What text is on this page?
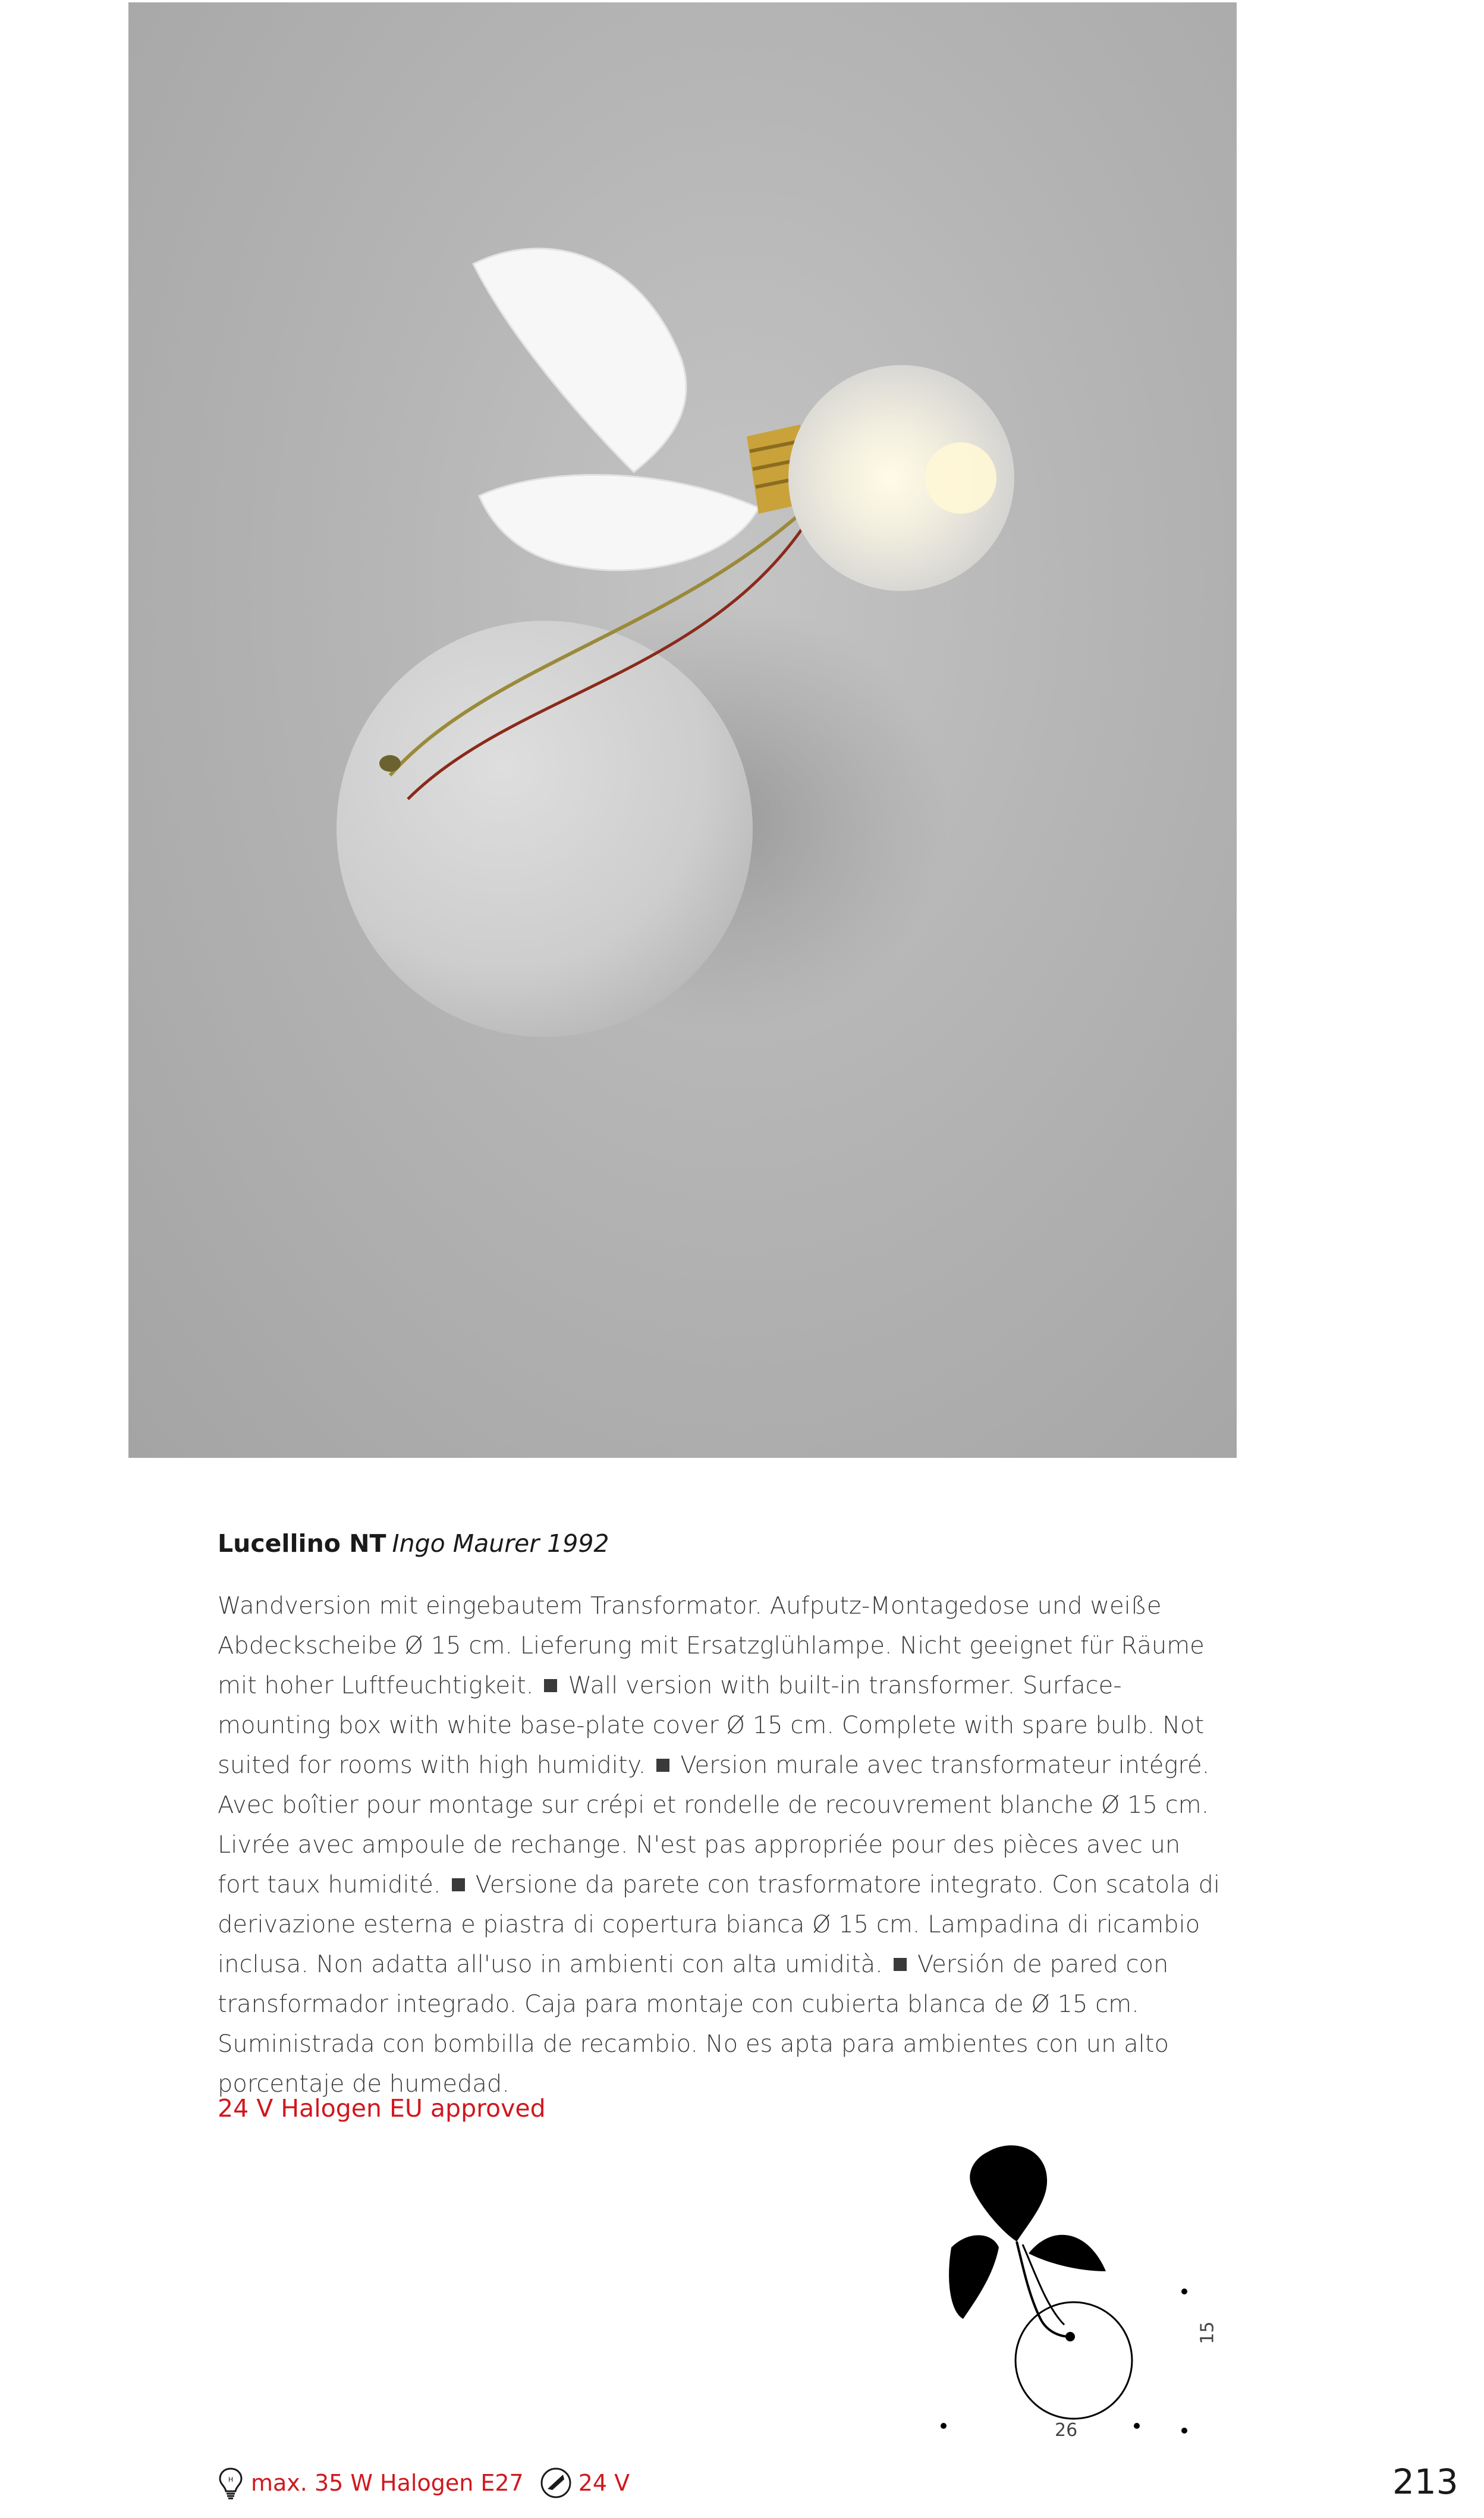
Lucellino NT Ingo Maurer 1992
Wandversion mit eingebautem Transformator. Aufputz-Montagedose und weiße Abdeckscheibe Ø 15 cm. Lieferung mit Ersatzglühlampe. Nicht geeignet für Räume mit hoher Luftfeuchtigkeit. Wall version with built-in transformer. Surface-mounting box with white base-plate cover Ø 15 cm. Complete with spare bulb. Not suited for rooms with high humidity. Version murale avec transformateur intégré. Avec boîtier pour montage sur crépi et rondelle de recouvrement blanche Ø 15 cm. Livrée avec ampoule de rechange. N'est pas appropriée pour des pièces avec un fort taux humidité. Versione da parete con trasformatore integrato. Con scatola di derivazione esterna e piastra di copertura bianca Ø 15 cm. Lampadina di ricambio inclusa. Non adatta all'uso in ambienti con alta umidità. Versión de pared con transformador integrado. Caja para montaje con cubierta blanca de Ø 15 cm. Suministrada con bombilla de recambio. No es apta para ambientes con un alto porcentaje de humedad.
24 V Halogen EU approved
26
15
H max. 35 W Halogen E27 24 V	213
